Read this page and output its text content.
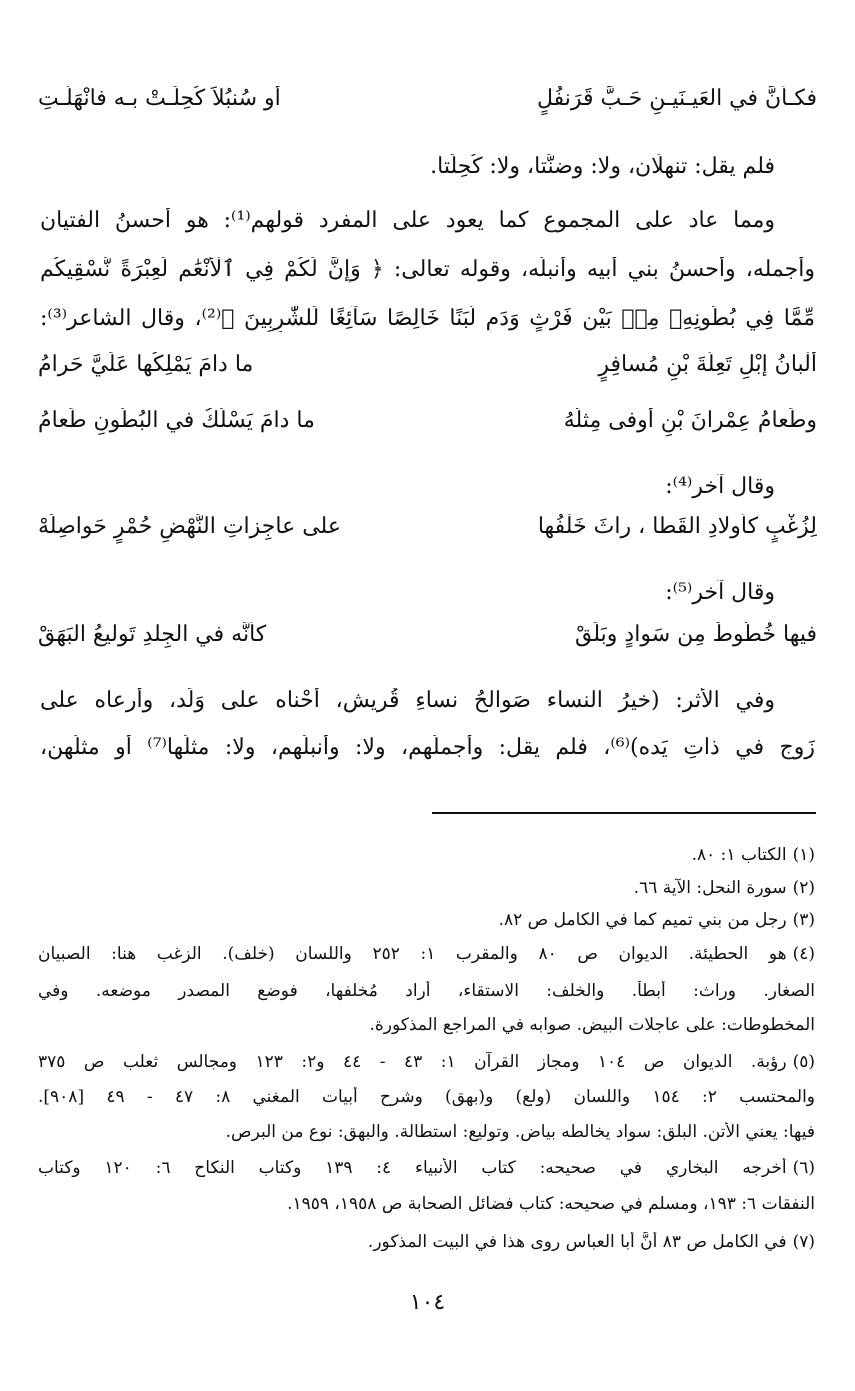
فكـأنَّ في العَيـنَيـنِ حَـبَّ قَرَنفُلٍ
أو سُنبُلاً كُحِلَـتْ بـه فانْهَلَّـتِ
فلم يقل: تنهلّان، ولا: وضنَّتا، ولا: كُحِلَتا.
ومما عاد على المجموع كما يعود على المفرد قولهم⁽¹⁾: هو أحسنُ الفتيان
وأجمله، وأحسنُ بني أبيه وأنبلُه، وقوله تعالى: ﴿ وَإِنَّ لَكُمْ فِي ٱلْأَنْعَٰمِ لَعِبْرَةً نُّسْقِيكُم
مِّمَّا فِي بُطُونِهِۦ مِنۢ بَيْنِ فَرْثٍ وَدَمٍ لَّبَنًا خَالِصًا سَآئِغًا لِّلشَّٰرِبِينَ ﴾⁽²⁾، وقال الشاعر⁽³⁾:
ألْبانُ إبْلِ تَعِلَّةَ بْنِ مُسافِرٍ
ما دامَ يَمْلِكُها عَلَيَّ حَرامُ
وطَعامُ عِمْرانَ بْنِ أوفى مِثلُهُ
ما دامَ يَسْلُكُ في البُطُونِ طَعامُ
وقال آخر⁽⁴⁾:
لِزُغْبٍ كأولادِ القَطا ، راثَ خَلْفُها
على عاجِزاتِ النَّهْضِ حُمْرٍ حَواصِلُهْ
وقال آخر⁽⁵⁾:
فيها خُطُوطٌ مِن سَوادٍ وبَلَقْ
كأنَّه في الجِلدِ تَوليعُ البَهَقْ
وفي الأثر: (خيرُ النساء صَوالحُ نساءِ قُريش، أَحْناه على وَلَد، وأرعاه على
زَوجٍ في ذاتِ يَده)⁽⁶⁾، فلم يقل: وأجملُهم، ولا: وأنبلُهم، ولا: مثلُها⁽⁷⁾ أو مثلُهن،
(١)الكتاب ١: ٨٠.
(٢)سورة النحل: الآية ٦٦.
(٣)رجل من بني تميم كما في الكامل ص ٨٢.
(٤)هو الحطيئة. الديوان ص ٨٠ والمقرب ١: ٢٥٢ واللسان (خلف). الزغب هنا: الصبيان
الصغار. وراث: أبطأ. والخلف: الاستقاء، أراد مُخلفها، فوضع المصدر موضعه. وفي
المخطوطات: على عاجلات البيض. صوابه في المراجع المذكورة.
(٥)رؤبة. الديوان ص ١٠٤ ومجاز القرآن ١: ٤٣ - ٤٤ و٢: ١٢٣ ومجالس ثعلب ص ٣٧٥
والمحتسب ٢: ١٥٤ واللسان (ولع) و(بهق) وشرح أبيات المغني ٨: ٤٧ - ٤٩ [٩٠٨].
فيها: يعني الأتن. البلق: سواد يخالطه بياض. وتوليع: استطالة. والبهق: نوع من البرص.
(٦)أخرجه البخاري في صحيحه: كتاب الأنبياء ٤: ١٣٩ وكتاب النكاح ٦: ١٢٠ وكتاب
النفقات ٦: ١٩٣، ومسلم في صحيحه: كتاب فضائل الصحابة ص ١٩٥٨، ١٩٥٩.
(٧)في الكامل ص ٨٣ أنَّ أبا العباس روى هذا في البيت المذكور.
١٠٤
